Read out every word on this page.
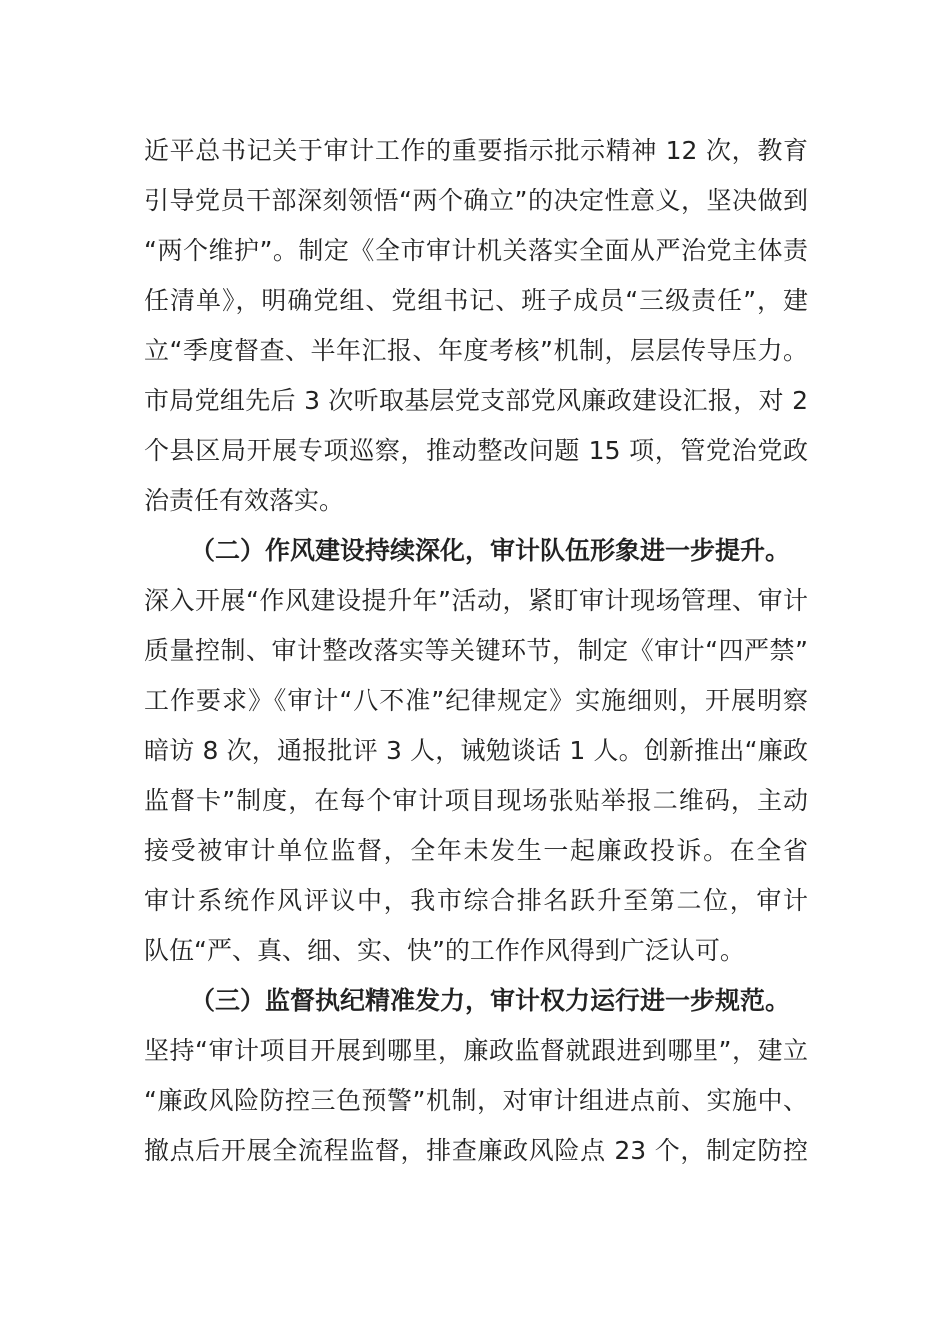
近平总书记关于审计工作的重要指示批示精神 12 次，教育
引导党员干部深刻领悟“两个确立”的决定性意义，坚决做到
“两个维护”。制定《全市审计机关落实全面从严治党主体责
任清单》，明确党组、党组书记、班子成员“三级责任”，建
立“季度督查、半年汇报、年度考核”机制，层层传导压力。
市局党组先后 3 次听取基层党支部党风廉政建设汇报，对 2
个县区局开展专项巡察，推动整改问题 15 项，管党治党政
治责任有效落实。
（二）作风建设持续深化，审计队伍形象进一步提升。
深入开展“作风建设提升年”活动，紧盯审计现场管理、审计
质量控制、审计整改落实等关键环节，制定《审计“四严禁”
工作要求》《审计“八不准”纪律规定》实施细则，开展明察
暗访 8 次，通报批评 3 人，诫勉谈话 1 人。创新推出“廉政
监督卡”制度，在每个审计项目现场张贴举报二维码，主动
接受被审计单位监督，全年未发生一起廉政投诉。在全省
审计系统作风评议中，我市综合排名跃升至第二位，审计
队伍“严、真、细、实、快”的工作作风得到广泛认可。
（三）监督执纪精准发力，审计权力运行进一步规范。
坚持“审计项目开展到哪里，廉政监督就跟进到哪里”，建立
“廉政风险防控三色预警”机制，对审计组进点前、实施中、
撤点后开展全流程监督，排查廉政风险点 23 个，制定防控
